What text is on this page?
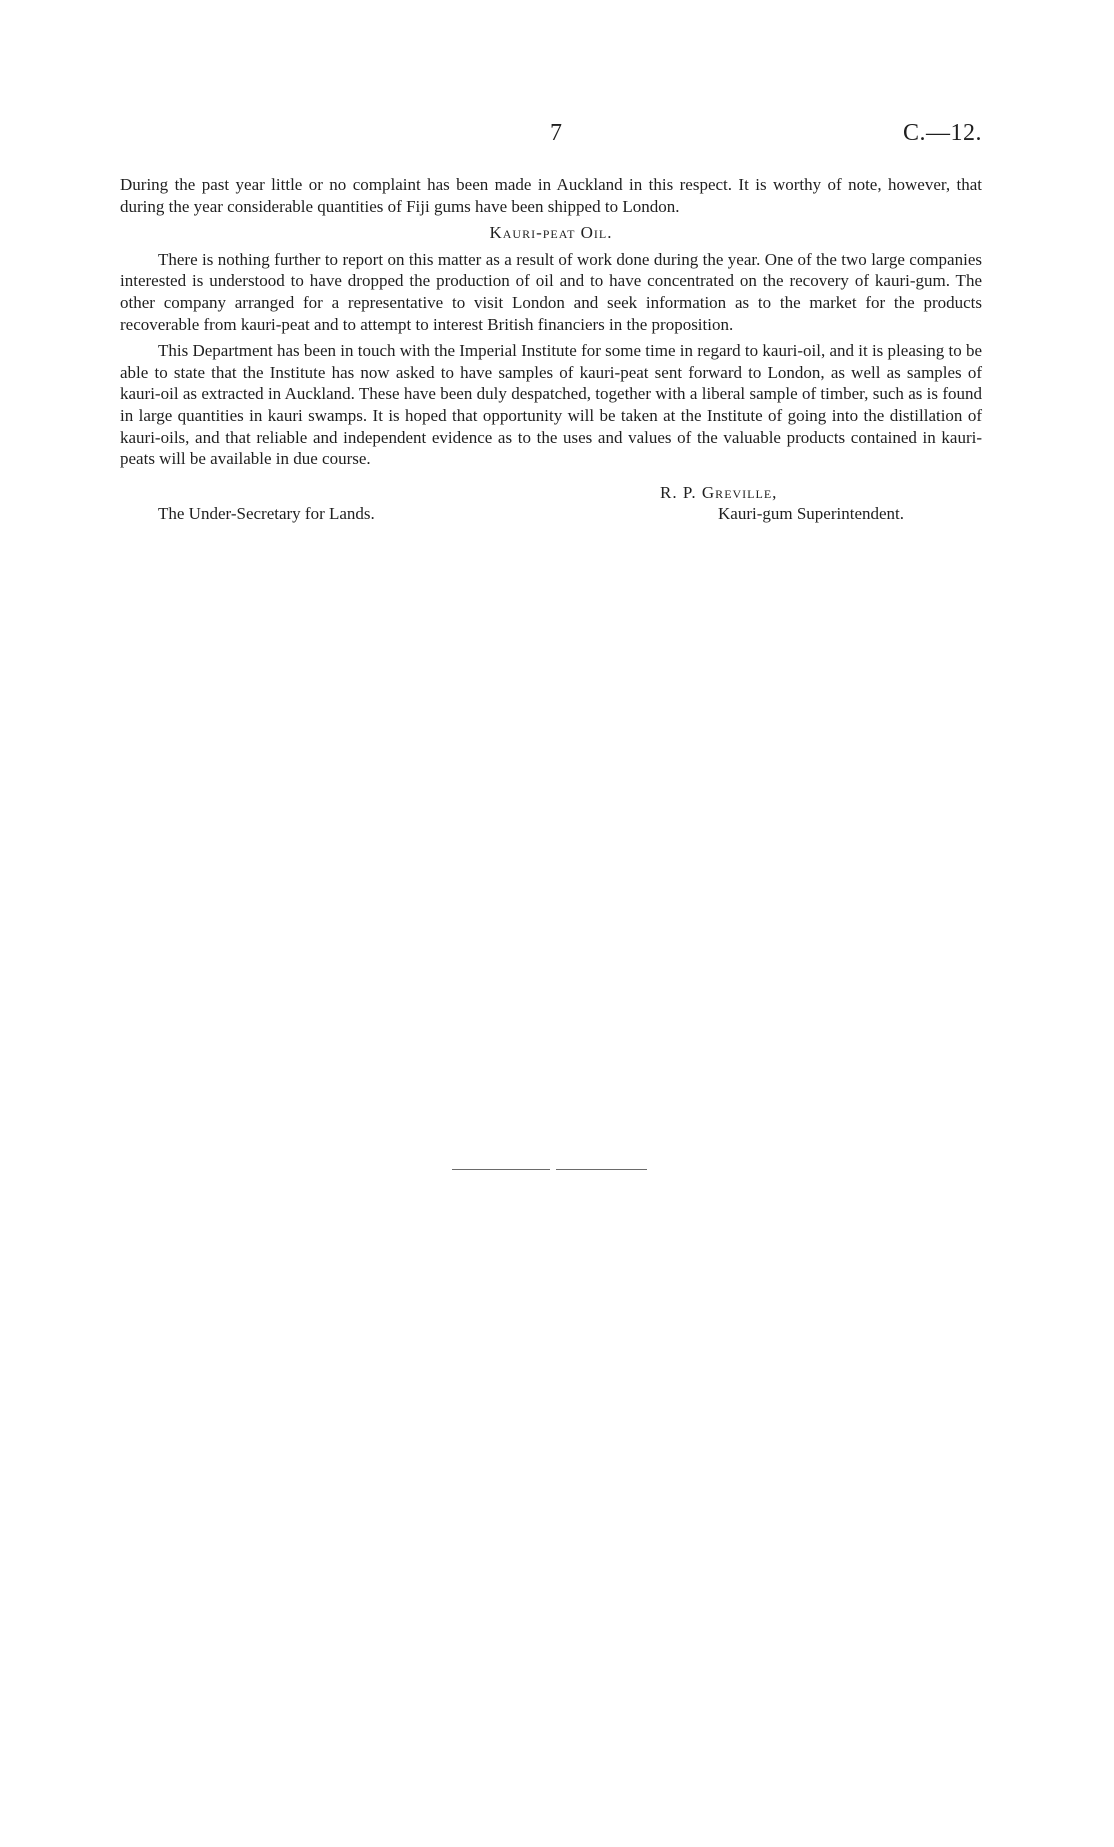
7	C.—12.

During the past year little or no complaint has been made in Auckland in this respect. It is worthy of note, however, that during the year considerable quantities of Fiji gums have been shipped to London.

Kauri-peat Oil.

There is nothing further to report on this matter as a result of work done during the year. One of the two large companies interested is understood to have dropped the production of oil and to have concentrated on the recovery of kauri-gum. The other company arranged for a representative to visit London and seek information as to the market for the products recoverable from kauri-peat and to attempt to interest British financiers in the proposition.

This Department has been in touch with the Imperial Institute for some time in regard to kauri-oil, and it is pleasing to be able to state that the Institute has now asked to have samples of kauri-peat sent forward to London, as well as samples of kauri-oil as extracted in Auckland. These have been duly despatched, together with a liberal sample of timber, such as is found in large quantities in kauri swamps. It is hoped that opportunity will be taken at the Institute of going into the distillation of kauri-oils, and that reliable and independent evidence as to the uses and values of the valuable products contained in kauri-peats will be available in due course.

The Under-Secretary for Lands.
R. P. Greville,
Kauri-gum Superintendent.
